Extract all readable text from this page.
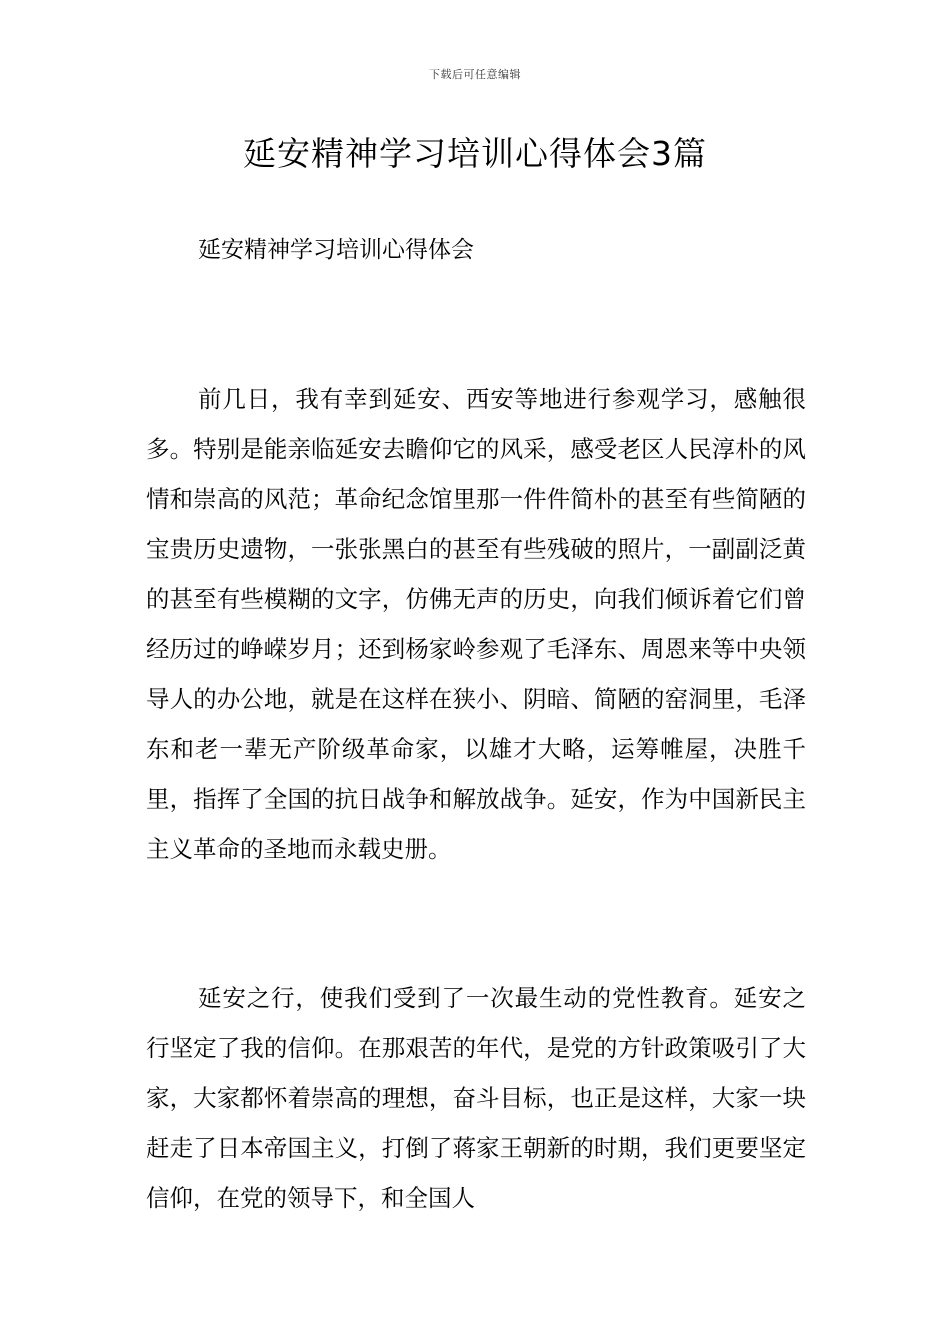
下载后可任意编辑
延安精神学习培训心得体会3篇

延安精神学习培训心得体会

前几日，我有幸到延安、西安等地进行参观学习，感触很多。特别是能亲临延安去瞻仰它的风采，感受老区人民淳朴的风情和崇高的风范；革命纪念馆里那一件件简朴的甚至有些简陋的宝贵历史遗物，一张张黑白的甚至有些残破的照片，一副副泛黄的甚至有些模糊的文字，仿佛无声的历史，向我们倾诉着它们曾经历过的峥嵘岁月；还到杨家岭参观了毛泽东、周恩来等中央领导人的办公地，就是在这样在狭小、阴暗、简陋的窑洞里，毛泽东和老一辈无产阶级革命家，以雄才大略，运筹帷屋，决胜千里，指挥了全国的抗日战争和解放战争。延安，作为中国新民主主义革命的圣地而永载史册。

延安之行，使我们受到了一次最生动的党性教育。延安之行坚定了我的信仰。在那艰苦的年代，是党的方针政策吸引了大家，大家都怀着崇高的理想，奋斗目标，也正是这样，大家一块赶走了日本帝国主义，打倒了蒋家王朝新的时期，我们更要坚定信仰，在党的领导下，和全国人
